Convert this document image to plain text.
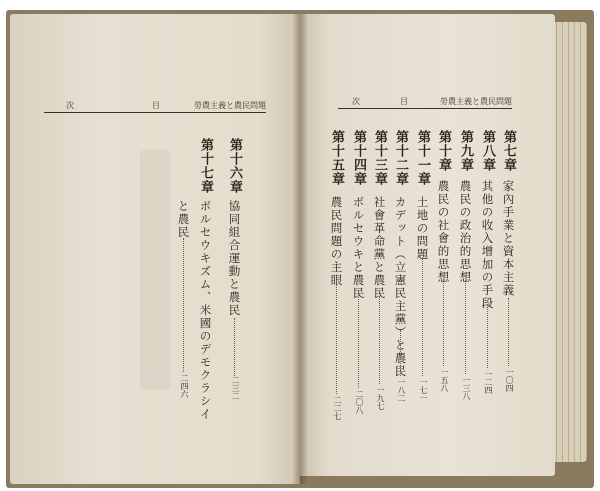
勞農主義と農民問題
目
次
第十六章
協同組合運動と農民
二三二
第十七章
ボルセウキズム、米國のデモクラシイ
と農民
二四六
勞農主義と農民問題
目
次
第七章
家內手業と資本主義
一〇四
第八章
其他の收入增加の手段
一二四
第九章
農民の政治的思想
一三八
第十章
農民の社會的思想
一五八
第十一章
土地の問題
一七一
第十二章
カデット（立憲民主黨）と農民
一八二
第十三章
社會革命黨と農民
一九七
第十四章
ボルセウキと農民
二〇八
第十五章
農民問題の主眼
二二七
